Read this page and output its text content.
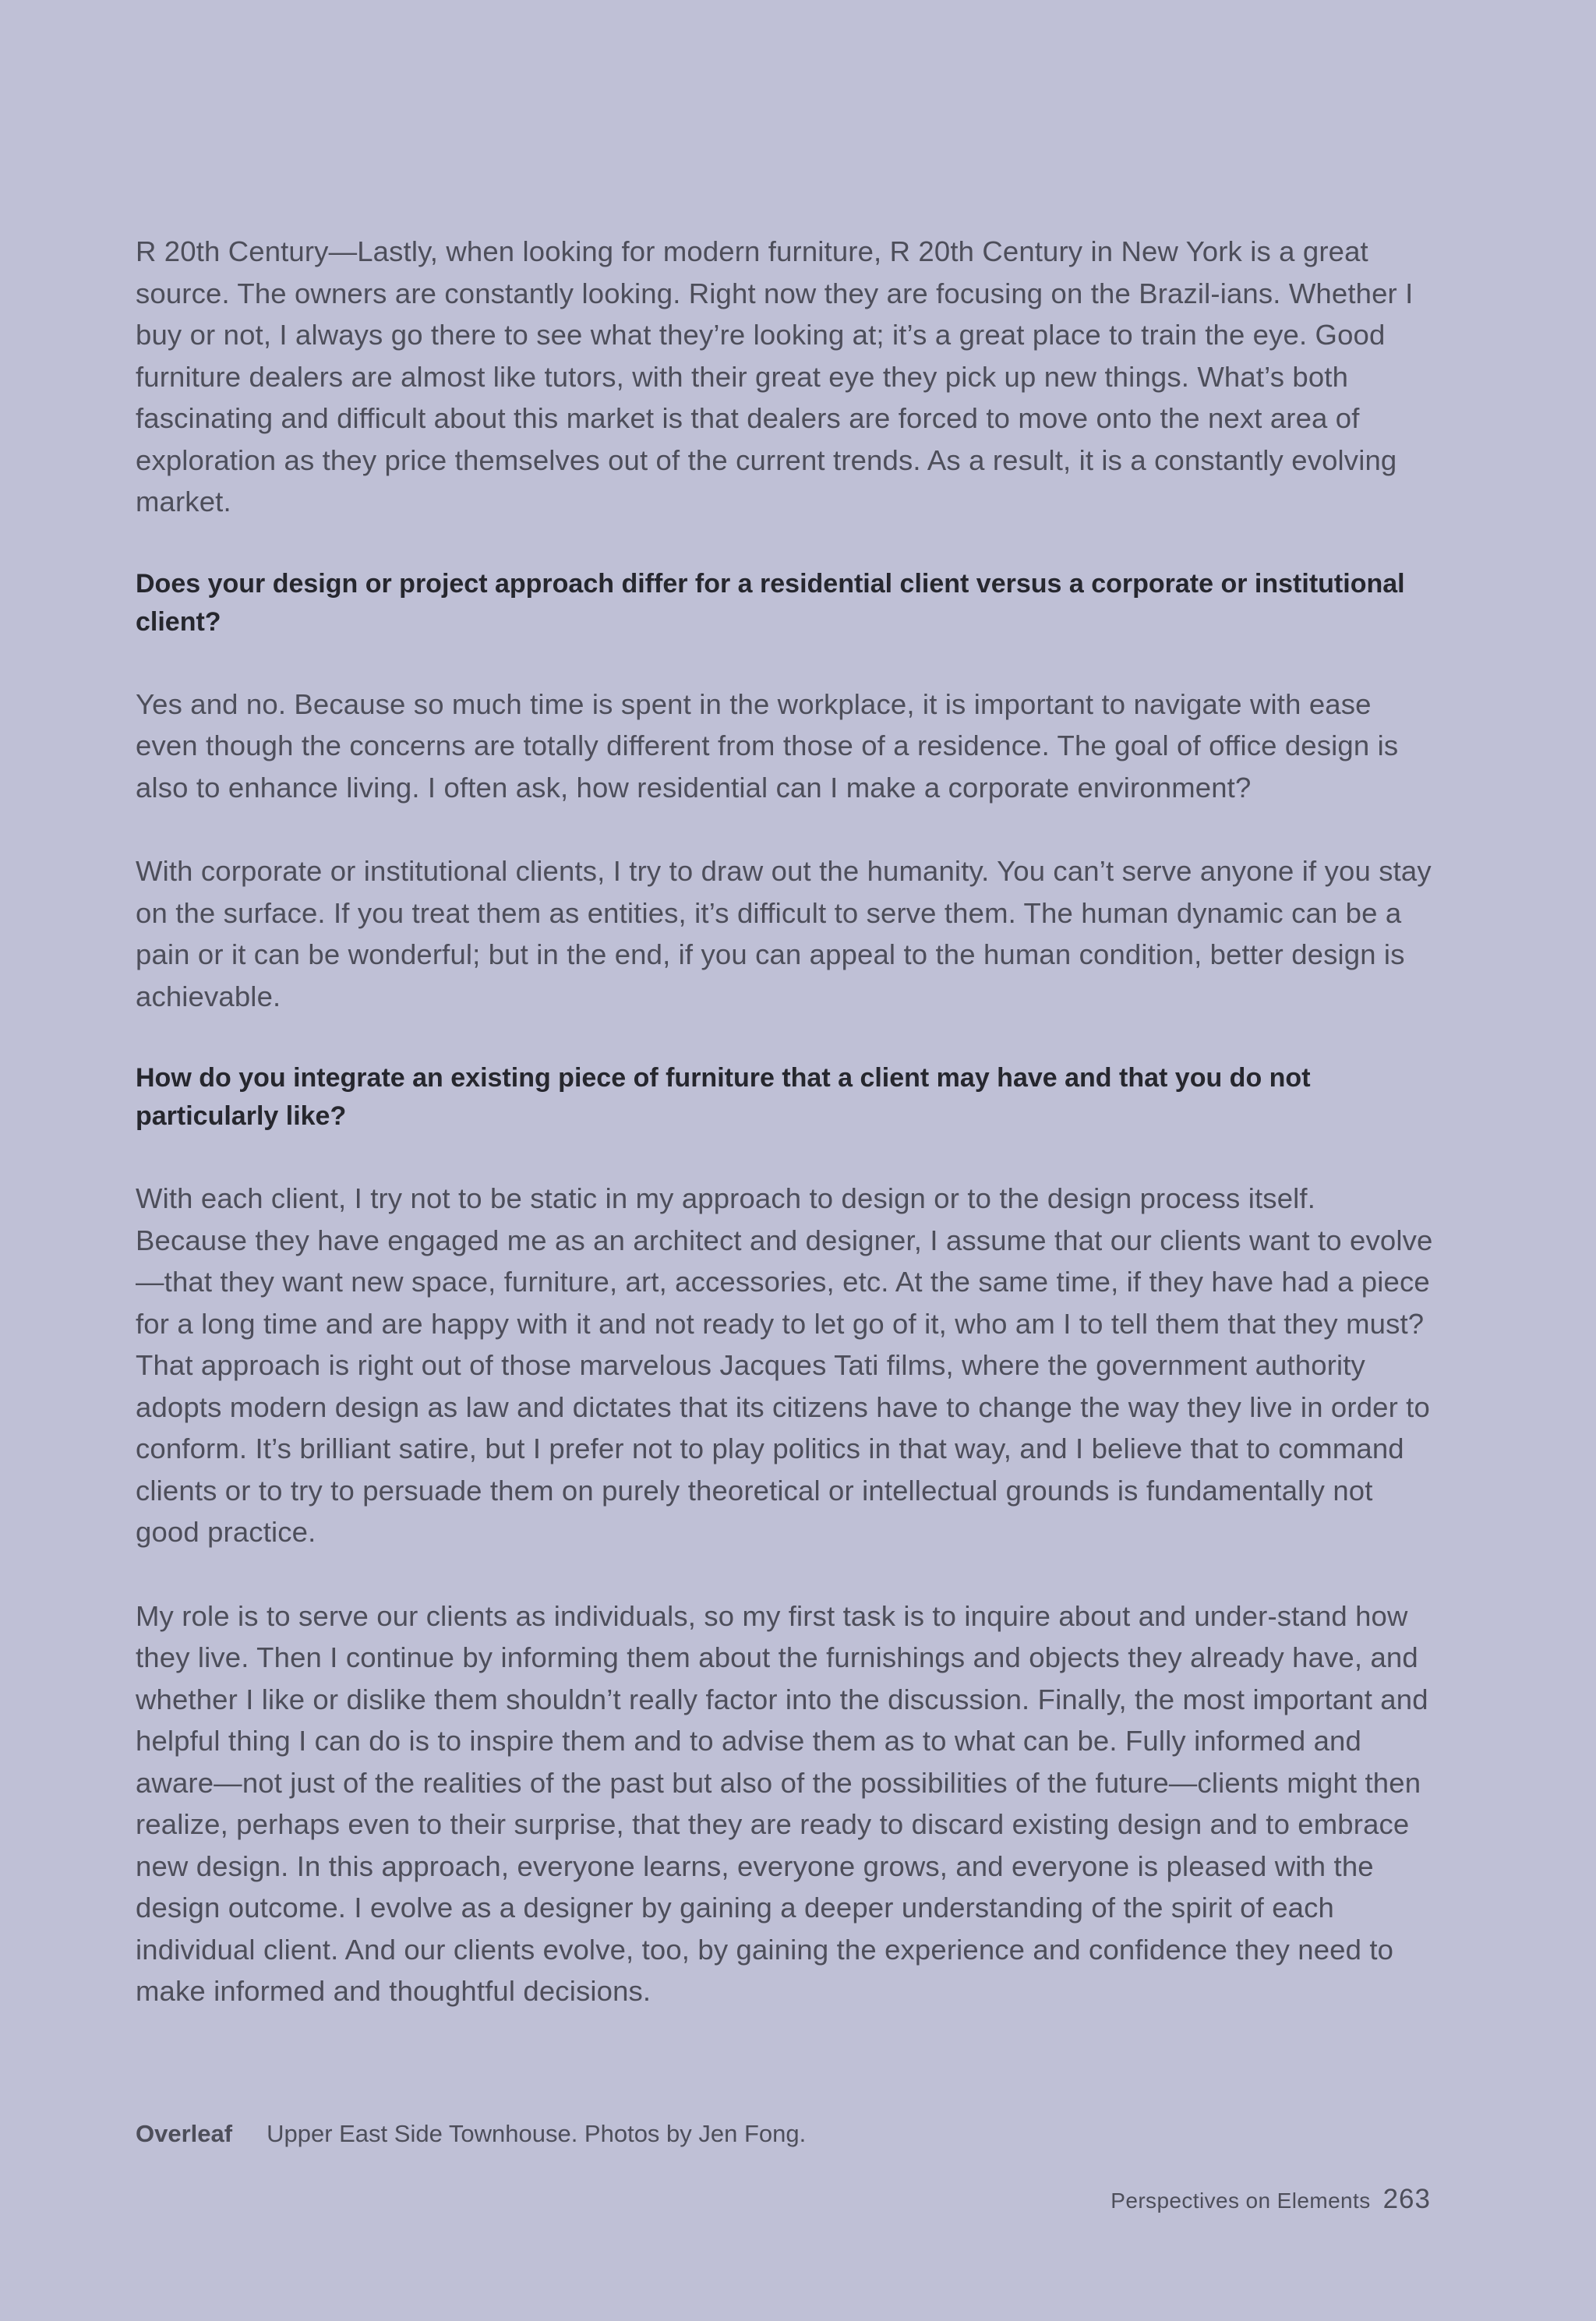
R 20th Century—Lastly, when looking for modern furniture, R 20th Century in New York is a great source. The owners are constantly looking. Right now they are focusing on the Brazil-ians. Whether I buy or not, I always go there to see what they’re looking at; it’s a great place to train the eye. Good furniture dealers are almost like tutors, with their great eye they pick up new things. What’s both fascinating and difficult about this market is that dealers are forced to move onto the next area of exploration as they price themselves out of the current trends. As a result, it is a constantly evolving market.

Does your design or project approach differ for a residential client versus a corporate or institutional client?

Yes and no. Because so much time is spent in the workplace, it is important to navigate with ease even though the concerns are totally different from those of a residence. The goal of office design is also to enhance living. I often ask, how residential can I make a corporate environment?

With corporate or institutional clients, I try to draw out the humanity. You can’t serve anyone if you stay on the surface. If you treat them as entities, it’s difficult to serve them. The human dynamic can be a pain or it can be wonderful; but in the end, if you can appeal to the human condition, better design is achievable.

How do you integrate an existing piece of furniture that a client may have and that you do not particularly like?

With each client, I try not to be static in my approach to design or to the design process itself. Because they have engaged me as an architect and designer, I assume that our clients want to evolve—that they want new space, furniture, art, accessories, etc. At the same time, if they have had a piece for a long time and are happy with it and not ready to let go of it, who am I to tell them that they must? That approach is right out of those marvelous Jacques Tati films, where the government authority adopts modern design as law and dictates that its citizens have to change the way they live in order to conform. It’s brilliant satire, but I prefer not to play politics in that way, and I believe that to command clients or to try to persuade them on purely theoretical or intellectual grounds is fundamentally not good practice.

My role is to serve our clients as individuals, so my first task is to inquire about and under-stand how they live. Then I continue by informing them about the furnishings and objects they already have, and whether I like or dislike them shouldn’t really factor into the discussion. Finally, the most important and helpful thing I can do is to inspire them and to advise them as to what can be. Fully informed and aware—not just of the realities of the past but also of the possibilities of the future—clients might then realize, perhaps even to their surprise, that they are ready to discard existing design and to embrace new design. In this approach, everyone learns, everyone grows, and everyone is pleased with the design outcome. I evolve as a designer by gaining a deeper understanding of the spirit of each individual client. And our clients evolve, too, by gaining the experience and confidence they need to make informed and thoughtful decisions.

Overleaf Upper East Side Townhouse. Photos by Jen Fong.
Perspectives on Elements 263
